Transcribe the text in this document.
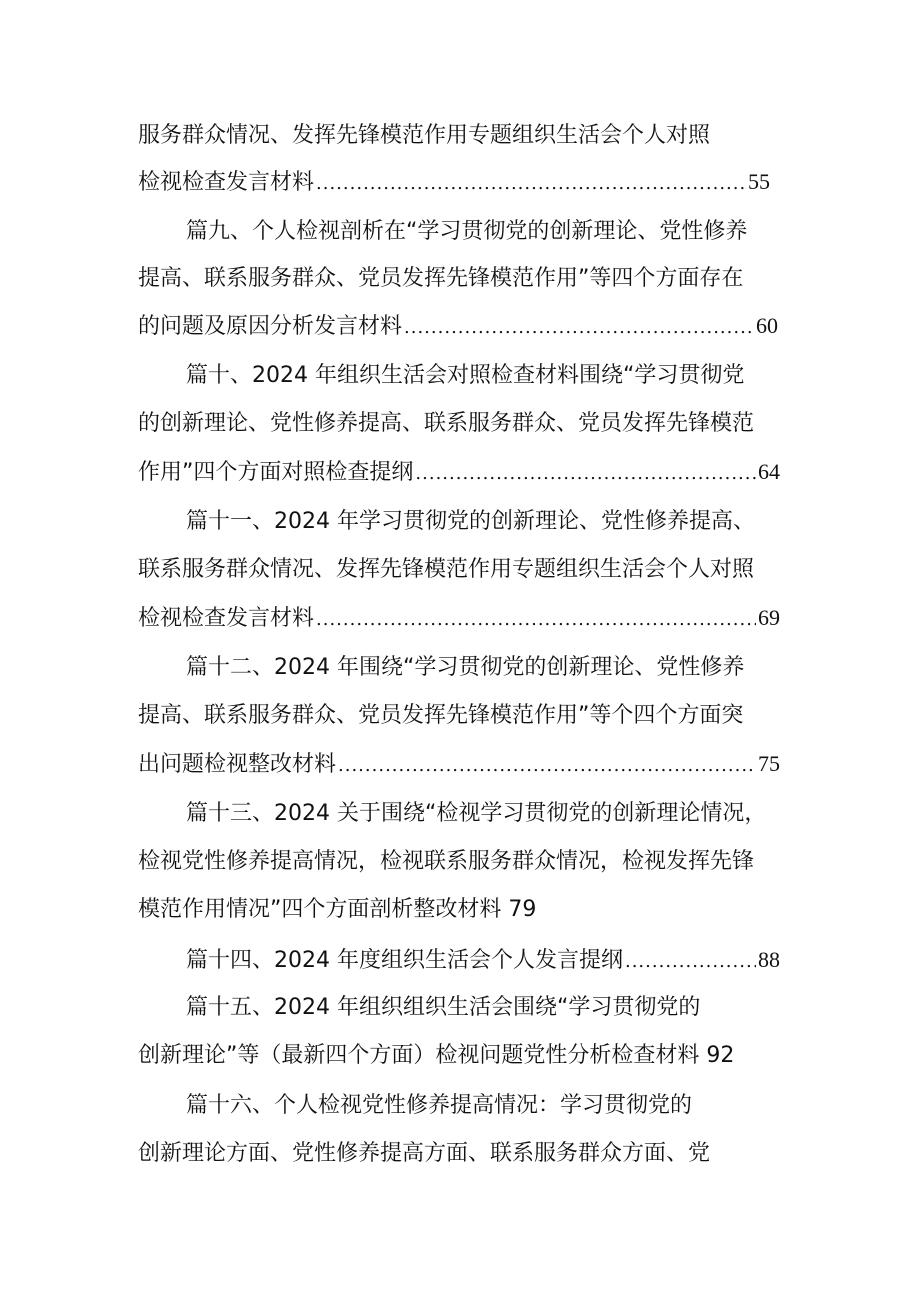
服务群众情况、发挥先锋模范作用专题组织生活会个人对照
检视检查发言材料 .....	55
篇九、个人检视剖析在“学习贯彻党的创新理论、党性修养
提高、联系服务群众、党员发挥先锋模范作用”等四个方面存在
的问题及原因分析发言材料 .....	60
篇十、2024 年组织生活会对照检查材料围绕“学习贯彻党
的创新理论、党性修养提高、联系服务群众、党员发挥先锋模范
作用”四个方面对照检查提纲 .....	64
篇十一、2024 年学习贯彻党的创新理论、党性修养提高、
联系服务群众情况、发挥先锋模范作用专题组织生活会个人对照
检视检查发言材料 .....	69
篇十二、2024 年围绕“学习贯彻党的创新理论、党性修养
提高、联系服务群众、党员发挥先锋模范作用”等个四个方面突
出问题检视整改材料 .....	75
篇十三、2024 关于围绕“检视学习贯彻党的创新理论情况，
检视党性修养提高情况，检视联系服务群众情况，检视发挥先锋
模范作用情况”四个方面剖析整改材料 79
篇十四、2024 年度组织生活会个人发言提纲 .....	88
篇十五、2024 年组织组织生活会围绕“学习贯彻党的
创新理论”等（最新四个方面）检视问题党性分析检查材料 92
篇十六、个人检视党性修养提高情况：学习贯彻党的
创新理论方面、党性修养提高方面、联系服务群众方面、党
